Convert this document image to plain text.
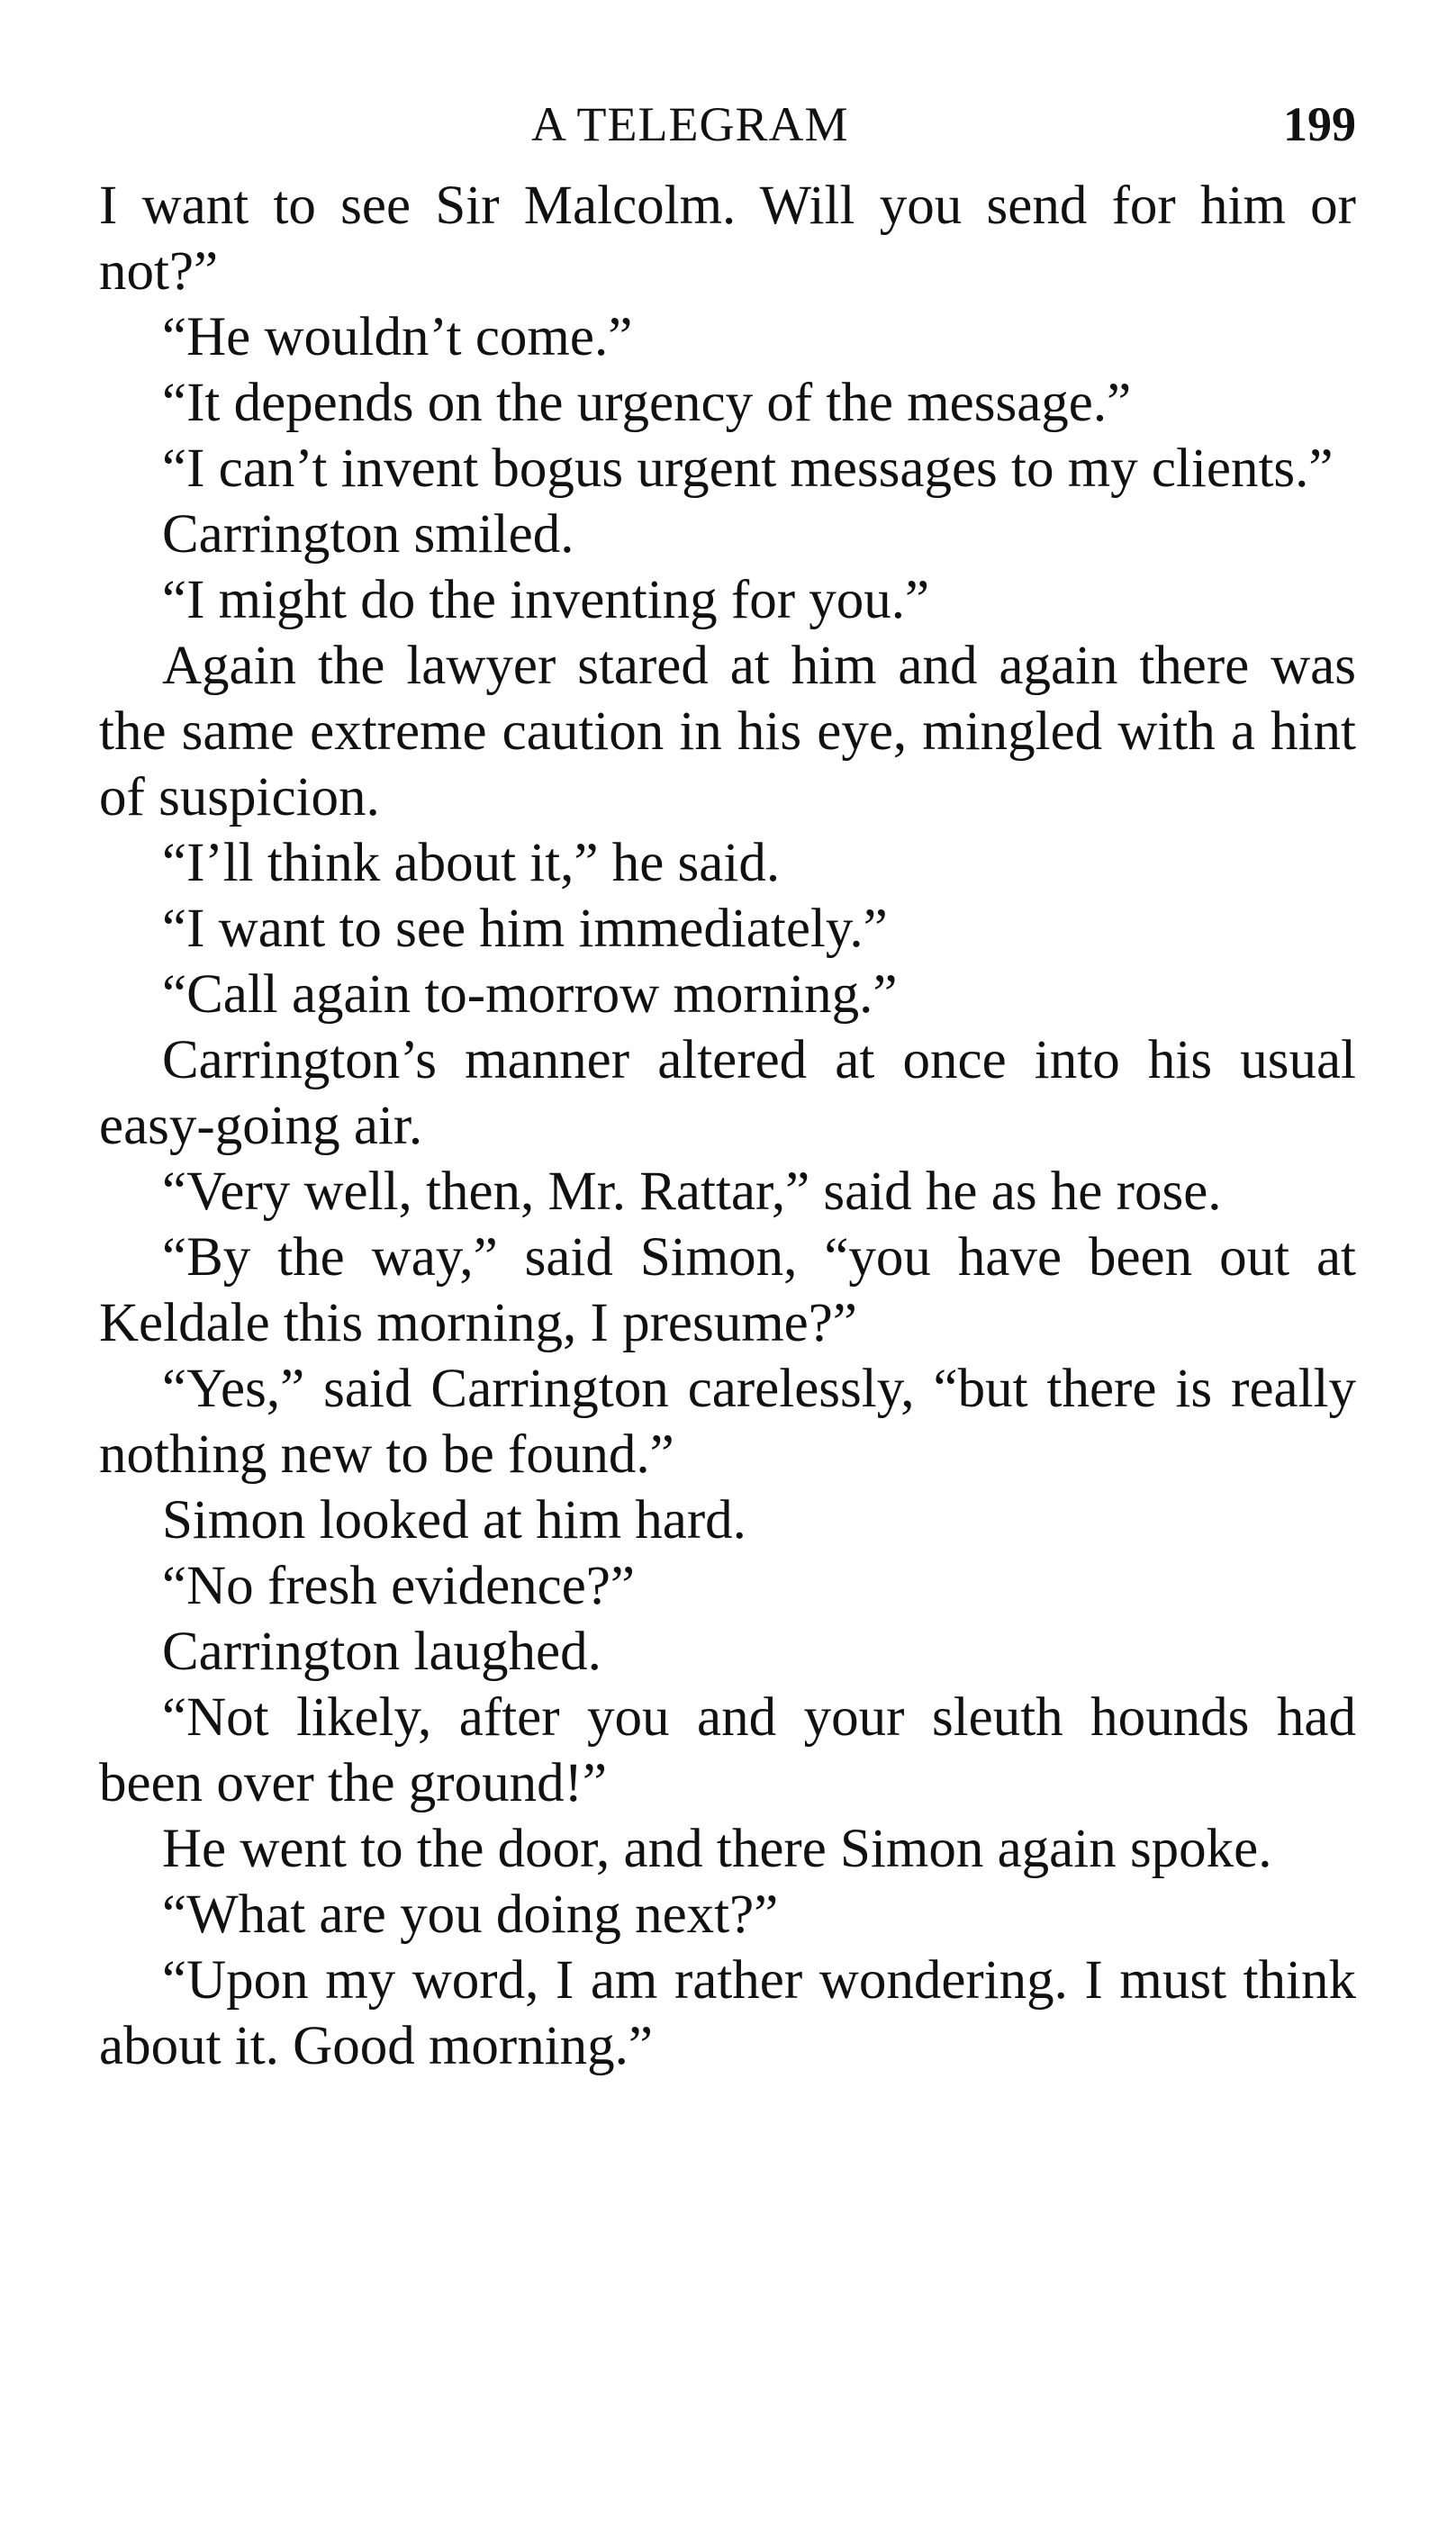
A TELEGRAM	199

I want to see Sir Malcolm. Will you send for him or not?”

“He wouldn’t come.”

“It depends on the urgency of the message.”

“I can’t invent bogus urgent messages to my clients.”

Carrington smiled.

“I might do the inventing for you.”

Again the lawyer stared at him and again there was the same extreme caution in his eye, mingled with a hint of suspicion.

“I’ll think about it,” he said.

“I want to see him immediately.”

“Call again to-morrow morning.”

Carrington’s manner altered at once into his usual easy-going air.

“Very well, then, Mr. Rattar,” said he as he rose.

“By the way,” said Simon, “you have been out at Keldale this morning, I presume?”

“Yes,” said Carrington carelessly, “but there is really nothing new to be found.”

Simon looked at him hard.

“No fresh evidence?”

Carrington laughed.

“Not likely, after you and your sleuth hounds had been over the ground!”

He went to the door, and there Simon again spoke.

“What are you doing next?”

“Upon my word, I am rather wondering. I must think about it. Good morning.”
